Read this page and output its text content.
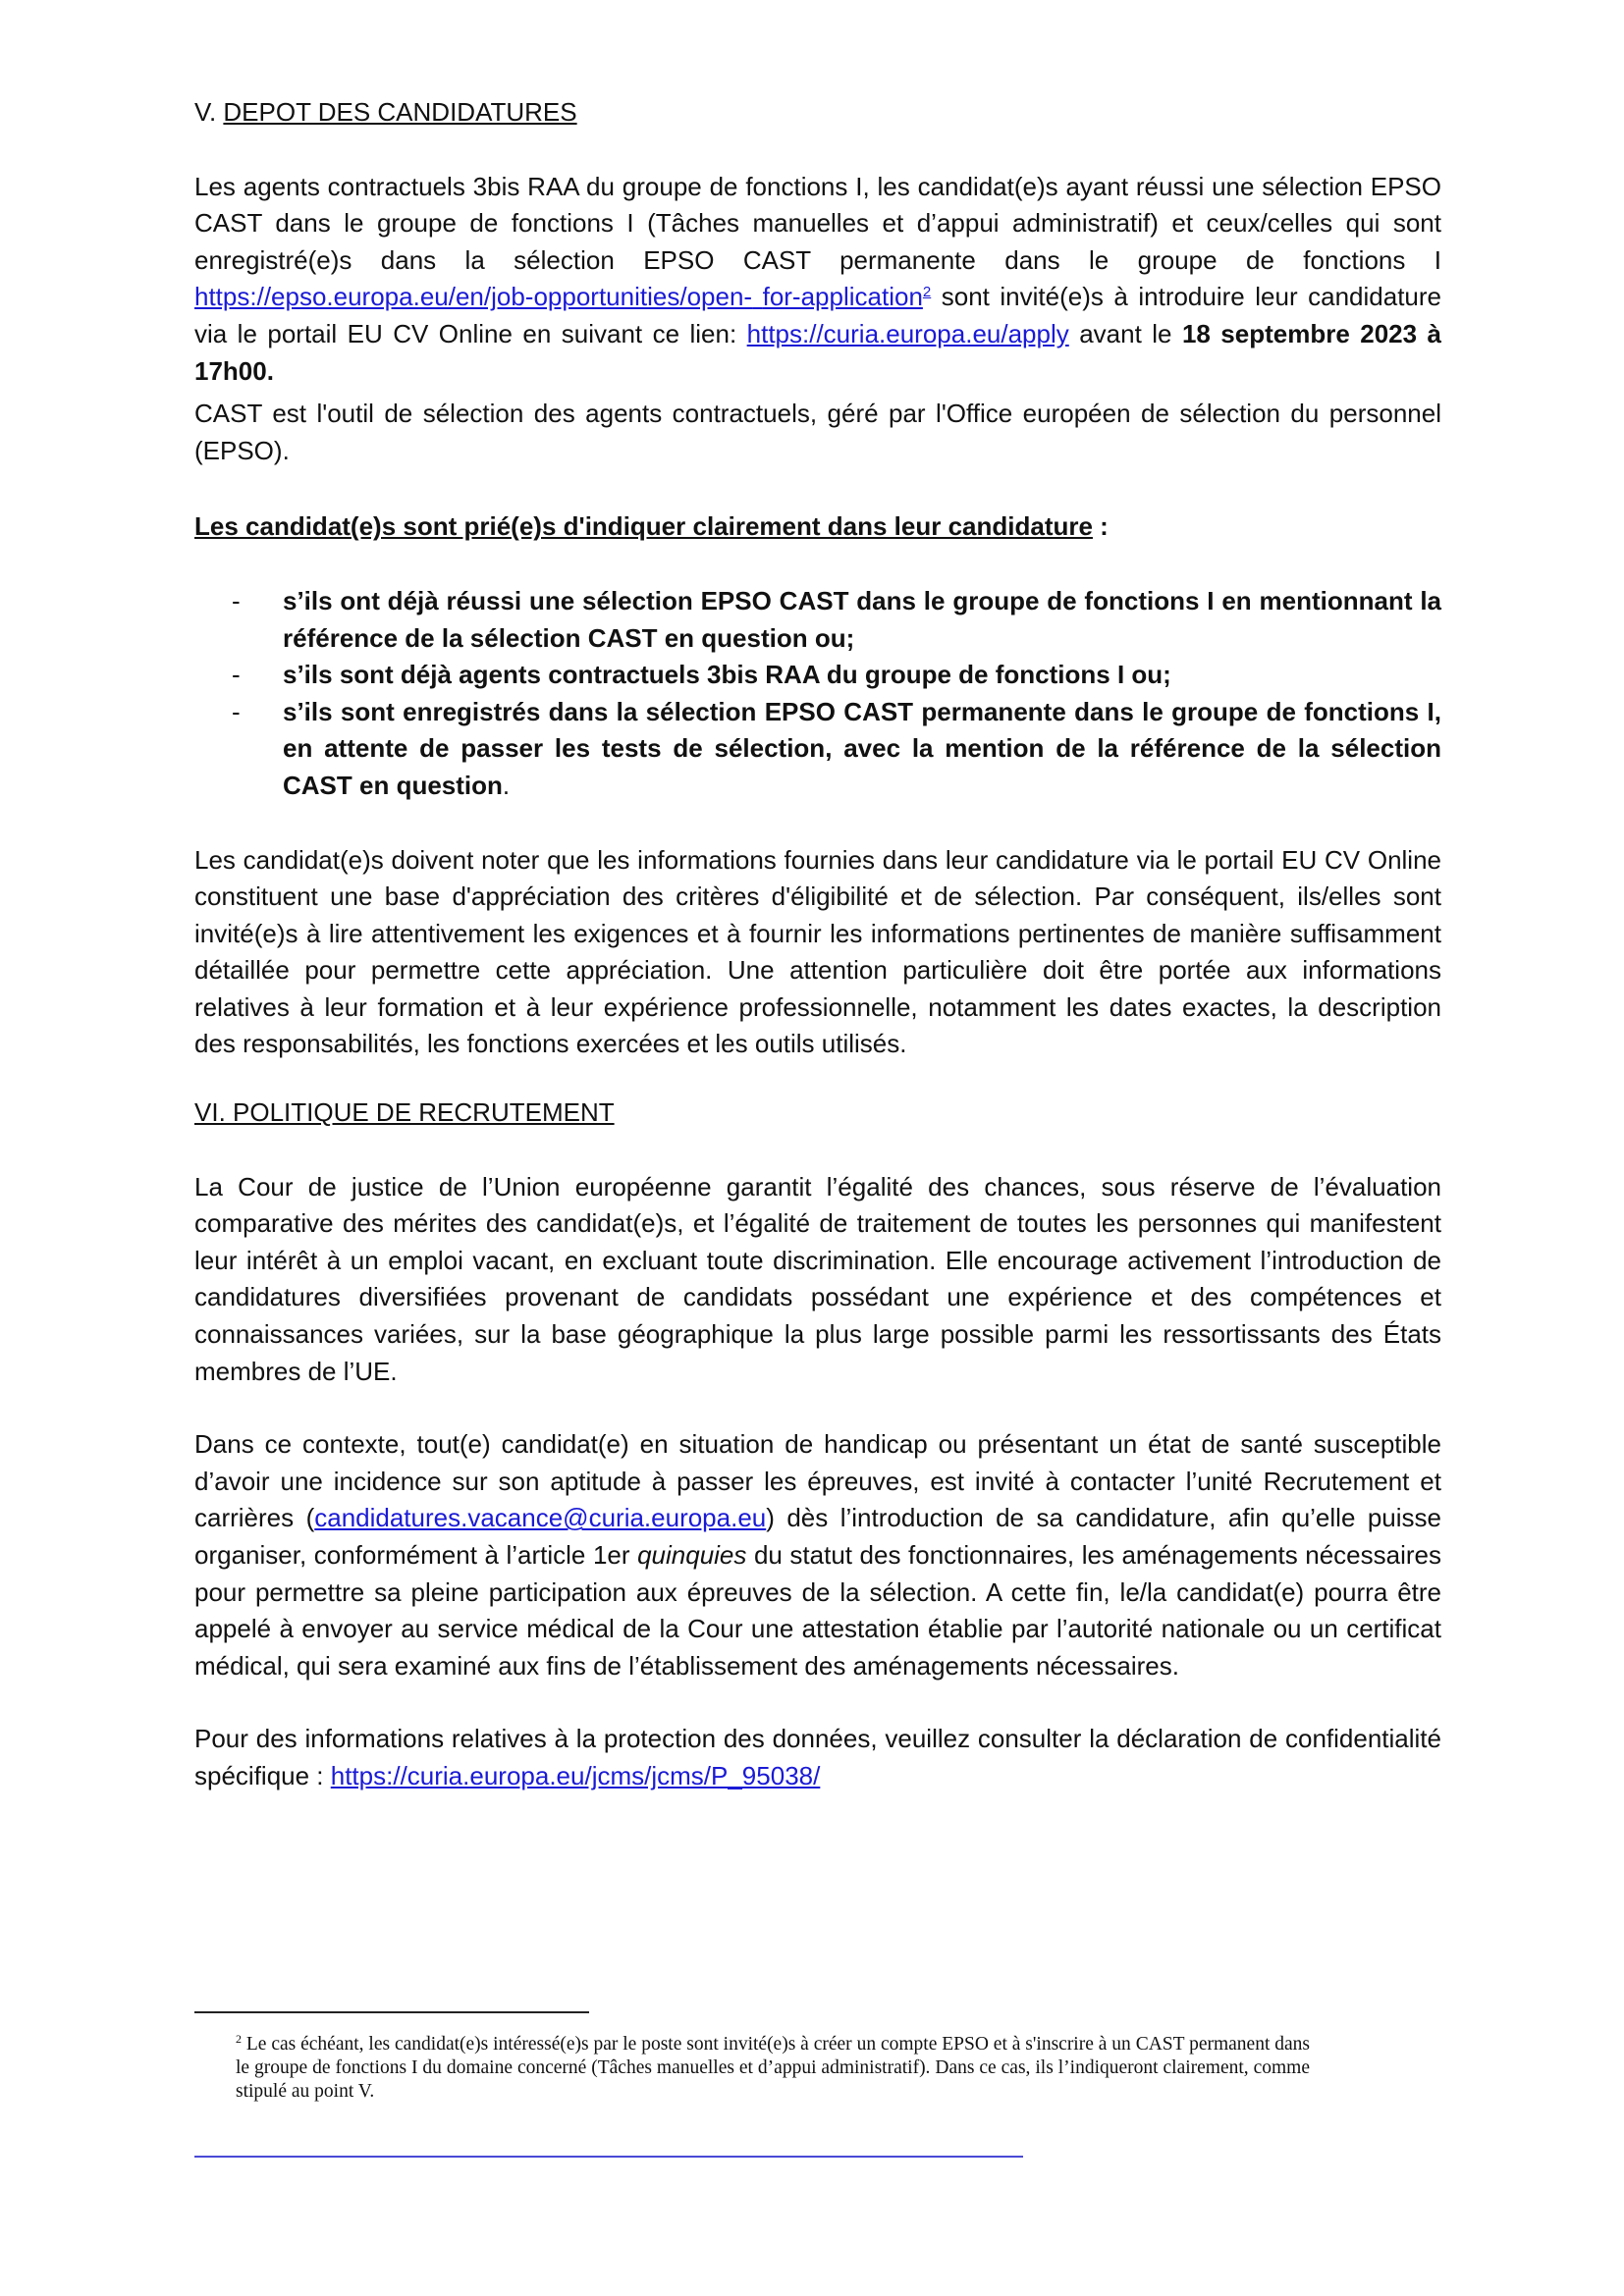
V. DEPOT DES CANDIDATURES

Les agents contractuels 3bis RAA du groupe de fonctions I, les candidat(e)s ayant réussi une sélection EPSO CAST dans le groupe de fonctions I (Tâches manuelles et d’appui administratif) et ceux/celles qui sont enregistré(e)s dans la sélection EPSO CAST permanente dans le groupe de fonctions I https://epso.europa.eu/en/job-opportunities/open- for-application$^2$ sont invité(e)s à introduire leur candidature via le portail EU CV Online en suivant ce lien: https://curia.europa.eu/apply avant le 18 septembre 2023 à 17h00.

CAST est l'outil de sélection des agents contractuels, géré par l'Office européen de sélection du personnel (EPSO).

Les candidat(e)s sont prié(e)s d'indiquer clairement dans leur candidature :

- s’ils ont déjà réussi une sélection EPSO CAST dans le groupe de fonctions I en mentionnant la référence de la sélection CAST en question ou;
- s’ils sont déjà agents contractuels 3bis RAA du groupe de fonctions I ou;
- s’ils sont enregistrés dans la sélection EPSO CAST permanente dans le groupe de fonctions I, en attente de passer les tests de sélection, avec la mention de la référence de la sélection CAST en question.

Les candidat(e)s doivent noter que les informations fournies dans leur candidature via le portail EU CV Online constituent une base d'appréciation des critères d'éligibilité et de sélection. Par conséquent, ils/elles sont invité(e)s à lire attentivement les exigences et à fournir les informations pertinentes de manière suffisamment détaillée pour permettre cette appréciation. Une attention particulière doit être portée aux informations relatives à leur formation et à leur expérience professionnelle, notamment les dates exactes, la description des responsabilités, les fonctions exercées et les outils utilisés.

VI. POLITIQUE DE RECRUTEMENT

La Cour de justice de l’Union européenne garantit l’égalité des chances, sous réserve de l’évaluation comparative des mérites des candidat(e)s, et l’égalité de traitement de toutes les personnes qui manifestent leur intérêt à un emploi vacant, en excluant toute discrimination. Elle encourage activement l’introduction de candidatures diversifiées provenant de candidats possédant une expérience et des compétences et connaissances variées, sur la base géographique la plus large possible parmi les ressortissants des États membres de l’UE.

Dans ce contexte, tout(e) candidat(e) en situation de handicap ou présentant un état de santé susceptible d’avoir une incidence sur son aptitude à passer les épreuves, est invité à contacter l’unité Recrutement et carrières (candidatures.vacance@curia.europa.eu) dès l’introduction de sa candidature, afin qu’elle puisse organiser, conformément à l’article 1er quinquies du statut des fonctionnaires, les aménagements nécessaires pour permettre sa pleine participation aux épreuves de la sélection. A cette fin, le/la candidat(e) pourra être appelé à envoyer au service médical de la Cour une attestation établie par l’autorité nationale ou un certificat médical, qui sera examiné aux fins de l’établissement des aménagements nécessaires.

Pour des informations relatives à la protection des données, veuillez consulter la déclaration de confidentialité spécifique : https://curia.europa.eu/jcms/jcms/P_95038/

$^2$ Le cas échéant, les candidat(e)s intéressé(e)s par le poste sont invité(e)s à créer un compte EPSO et à s'inscrire à un CAST permanent dans le groupe de fonctions I du domaine concerné (Tâches manuelles et d’appui administratif). Dans ce cas, ils l’indiqueront clairement, comme stipulé au point V.
